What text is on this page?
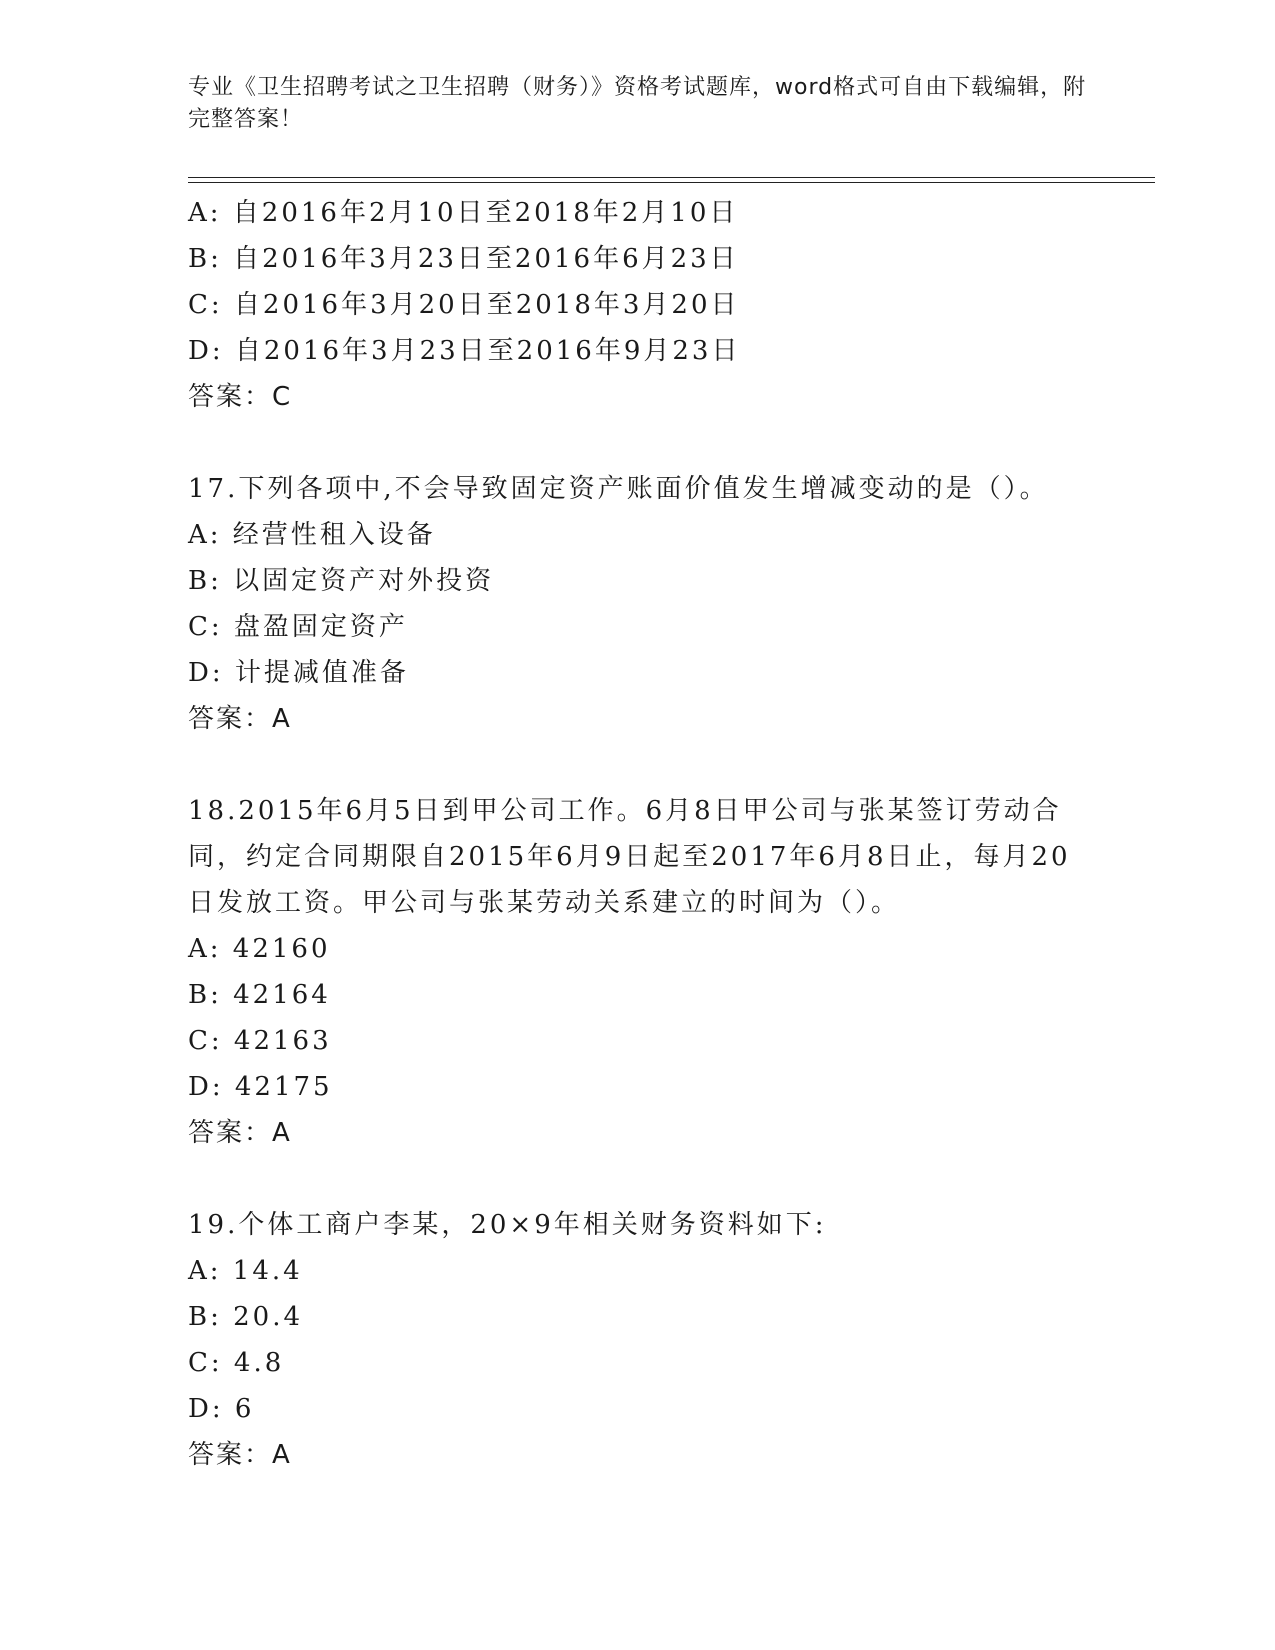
专业《卫生招聘考试之卫生招聘（财务）》资格考试题库，word格式可自由下载编辑，附完整答案！
A: 自2016年2月10日至2018年2月10日
B: 自2016年3月23日至2016年6月23日
C: 自2016年3月20日至2018年3月20日
D: 自2016年3月23日至2016年9月23日
答案：C
17.下列各项中,不会导致固定资产账面价值发生增减变动的是（）。
A: 经营性租入设备
B: 以固定资产对外投资
C: 盘盈固定资产
D: 计提减值准备
答案：A
18.2015年6月5日到甲公司工作。6月8日甲公司与张某签订劳动合同，约定合同期限自2015年6月9日起至2017年6月8日止，每月20日发放工资。甲公司与张某劳动关系建立的时间为（）。
A: 42160
B: 42164
C: 42163
D: 42175
答案：A
19.个体工商户李某，20×9年相关财务资料如下:
A: 14.4
B: 20.4
C: 4.8
D: 6
答案：A
